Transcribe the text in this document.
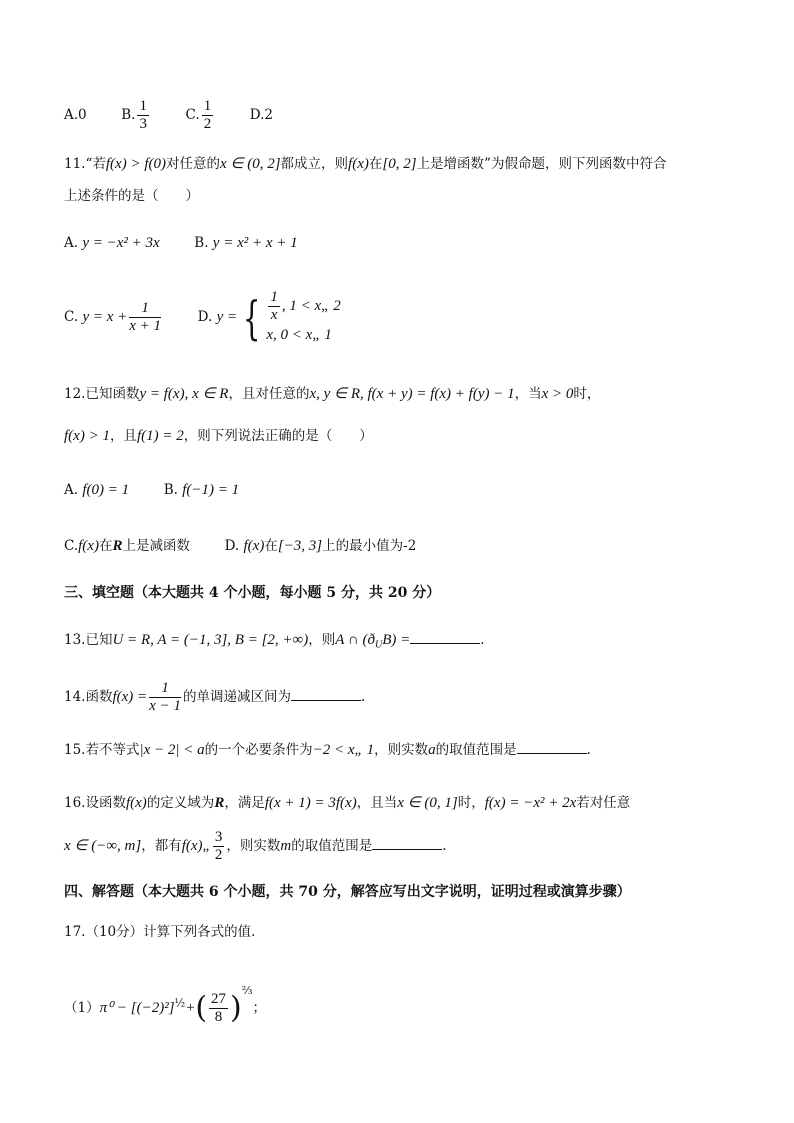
A.0	B. $\frac{1}{3}$	C. $\frac{1}{2}$	D.2
11.“若f(x) > f(0)对任意的x ∈ (0, 2]都成立，则f(x)在[0, 2]上是增函数”为假命题，则下列函数中符合
上述条件的是（　　）
A. y = −x² + 3x	B. y = x² + x + 1
C. $y = x + \frac{1}{x + 1}$	D. y = { $\frac{1}{x}$ , 1 < x„ 2
x, 0 < x„ 1
12.已知函数y = f(x), x ∈ R，且对任意的x, y ∈ R, f(x + y) = f(x) + f(y) − 1，当x > 0时，
f(x) > 1，且f(1) = 2，则下列说法正确的是（　　）
A. f(0) = 1	B. f(−1) = 1
C.f(x)在R上是减函数	D. f(x)在[−3, 3]上的最小值为-2
三、填空题（本大题共 4 个小题，每小题 5 分，共 20 分）
13.已知U = R, A = (−1, 3], B = [2, +∞)，则A ∩ $(ð_UB)$ =	.
14.函数$f(x) = \frac{1}{x - 1}$ 的单调递减区间为	.
15.若不等式|x − 2| < a的一个必要条件为−2 < x„ 1，则实数a的取值范围是	.
16.设函数f(x)的定义域为R，满足f(x + 1) = 3f(x)，且当x ∈ (0, 1]时，f(x) = −x² + 2x若对任意
x ∈ (−∞, m]，都有f(x)„ $\frac{3}{2}$ ，则实数m的取值范围是	.
四、解答题（本大题共 6 个小题，共 70 分，解答应写出文字说明，证明过程或演算步骤）
17.（10分）计算下列各式的值.
$(1)\pi^0 - [(-2)^2]^{\frac{1}{2}}+( \frac{27}{8} )^{\frac{2}{3}}$；
